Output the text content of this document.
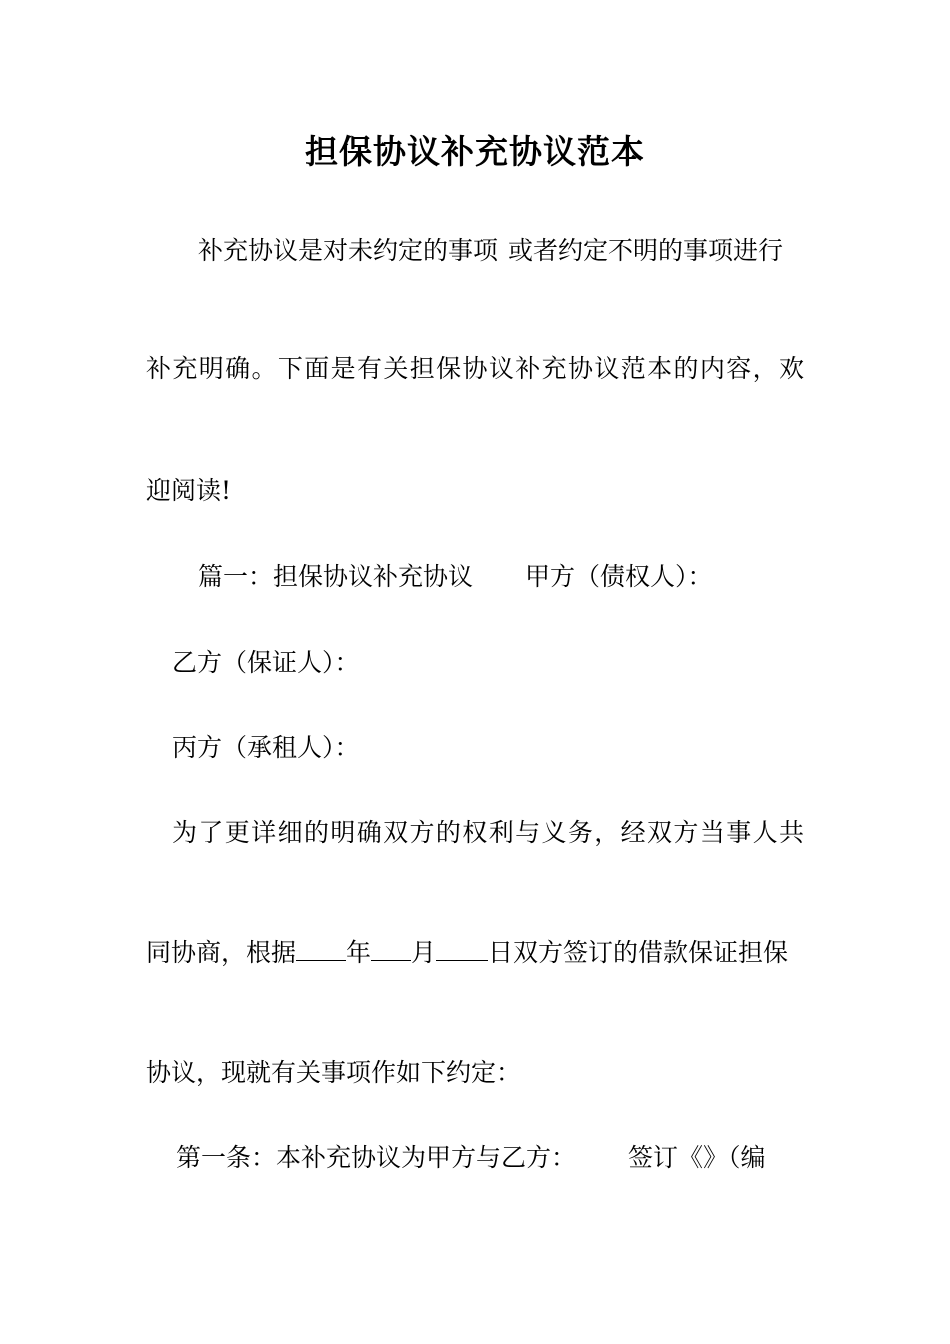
担保协议补充协议范本
补充协议是对未约定的事项 或者约定不明的事项进行
补充明确。下面是有关担保协议补充协议范本的内容，欢
迎阅读!
篇一：担保协议补充协议 甲方（债权人）：
乙方（保证人）：
丙方（承租人）：
为了更详细的明确双方的权利与义务，经双方当事人共
同协商，根据 年 月 日双方签订的借款保证担保
协议，现就有关事项作如下约定：
第一条：本补充协议为甲方与乙方： 签订《》（编
